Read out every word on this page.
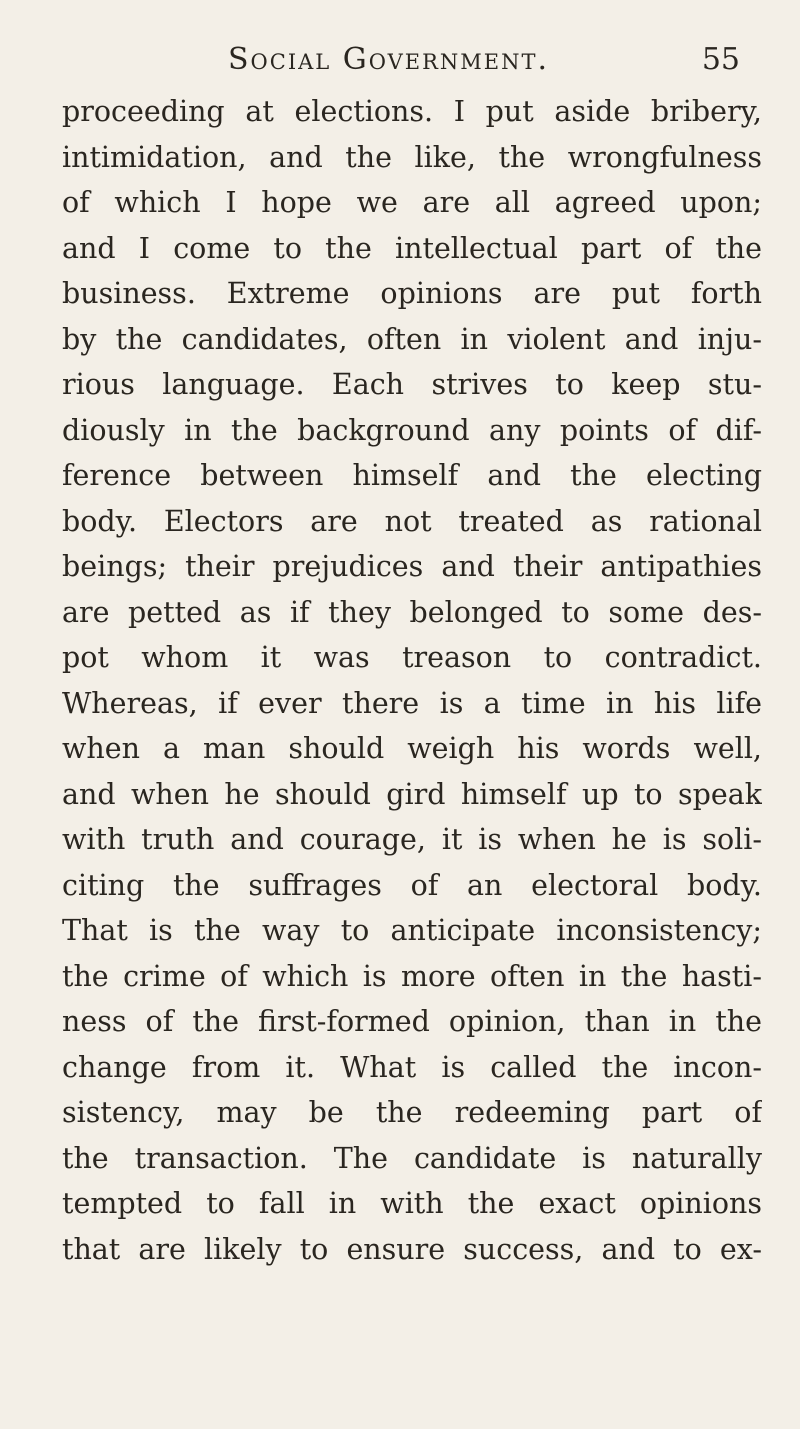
Social Government.	55
proceeding at elections. I put aside bribery,
intimidation, and the like, the wrongfulness
of which I hope we are all agreed upon;
and I come to the intellectual part of the
business. Extreme opinions are put forth
by the candidates, often in violent and inju-
rious language. Each strives to keep stu-
diously in the background any points of dif-
ference between himself and the electing
body. Electors are not treated as rational
beings; their prejudices and their antipathies
are petted as if they belonged to some des-
pot whom it was treason to contradict.
Whereas, if ever there is a time in his life
when a man should weigh his words well,
and when he should gird himself up to speak
with truth and courage, it is when he is soli-
citing the suffrages of an electoral body.
That is the way to anticipate inconsistency;
the crime of which is more often in the hasti-
ness of the first-formed opinion, than in the
change from it. What is called the incon-
sistency, may be the redeeming part of
the transaction. The candidate is naturally
tempted to fall in with the exact opinions
that are likely to ensure success, and to ex-
